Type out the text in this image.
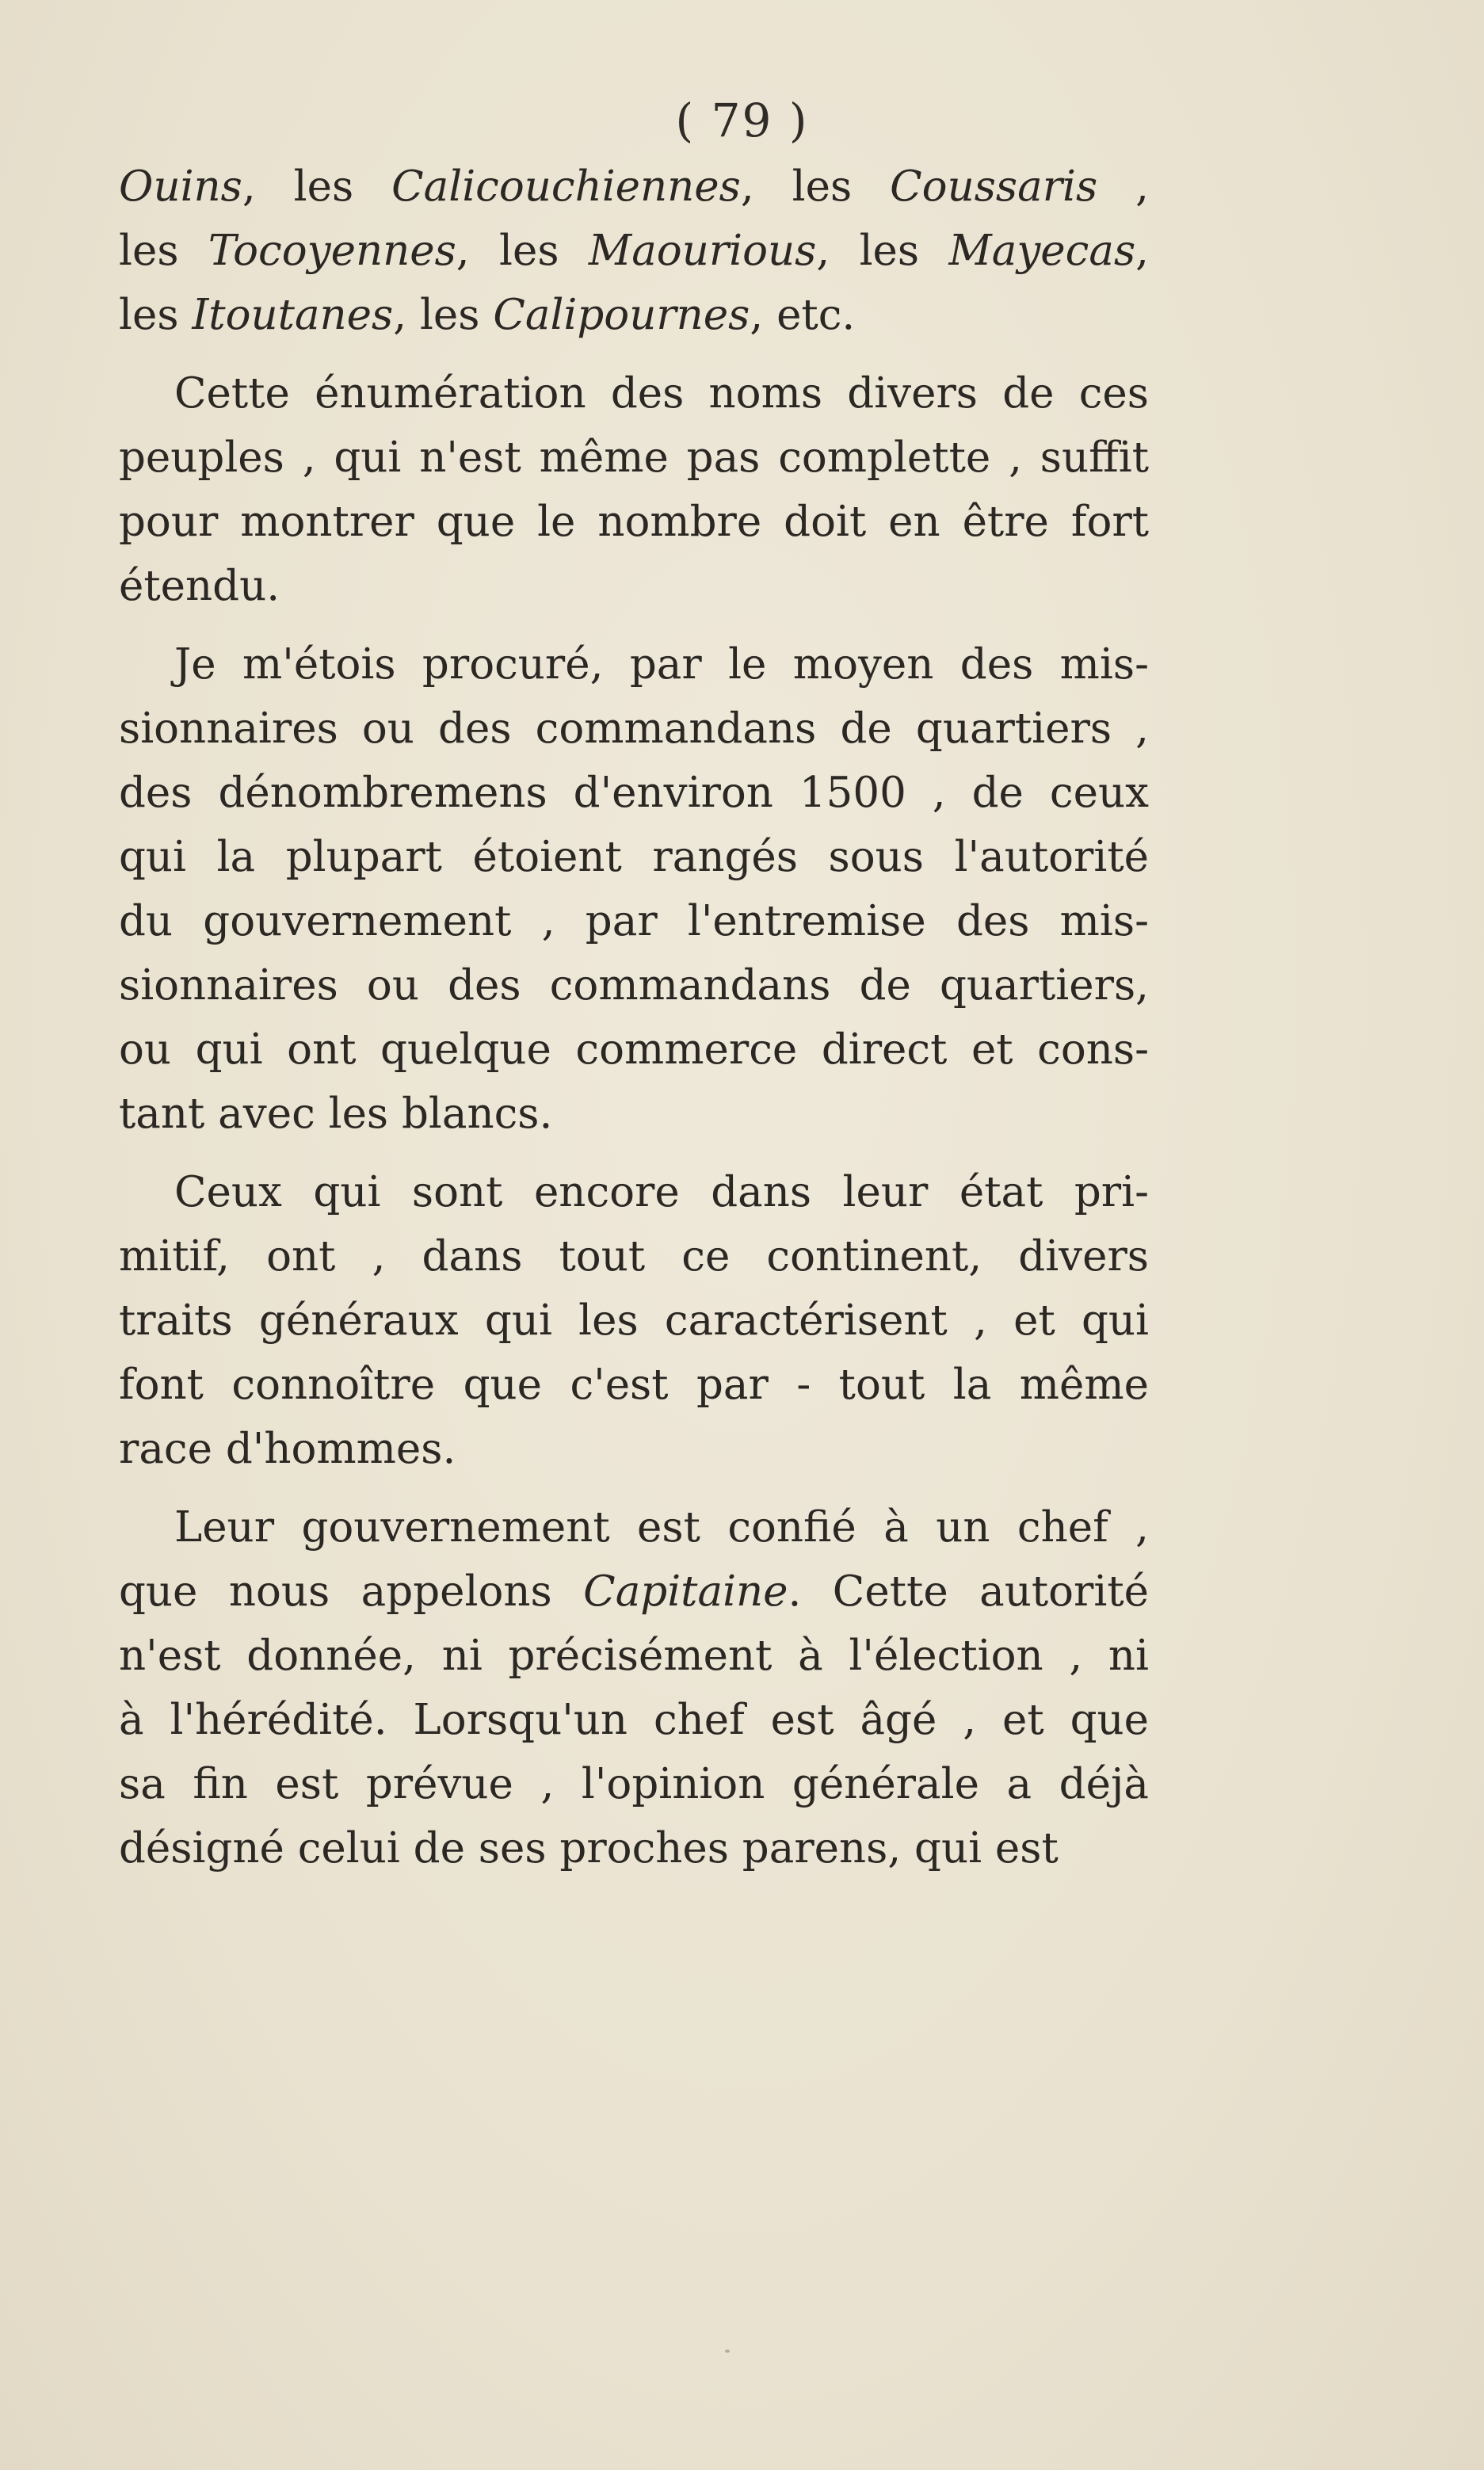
( 79 )
Ouins, les Calicouchiennes, les Coussaris ,
les Tocoyennes, les Maourious, les Mayecas,
les Itoutanes, les Calipournes, etc.
Cette énumération des noms divers de ces
peuples , qui n'est même pas complette , suffit
pour montrer que le nombre doit en être fort
étendu.
Je m'étois procuré, par le moyen des mis-
sionnaires ou des commandans de quartiers ,
des dénombremens d'environ 1500 , de ceux
qui la plupart étoient rangés sous l'autorité
du gouvernement , par l'entremise des mis-
sionnaires ou des commandans de quartiers,
ou qui ont quelque commerce direct et cons-
tant avec les blancs.
Ceux qui sont encore dans leur état pri-
mitif, ont , dans tout ce continent, divers
traits généraux qui les caractérisent , et qui
font connoître que c'est par - tout la même
race d'hommes.
Leur gouvernement est confié à un chef ,
que nous appelons Capitaine. Cette autorité
n'est donnée, ni précisément à l'élection , ni
à l'hérédité. Lorsqu'un chef est âgé , et que
sa fin est prévue , l'opinion générale a déjà
désigné celui de ses proches parens, qui est
